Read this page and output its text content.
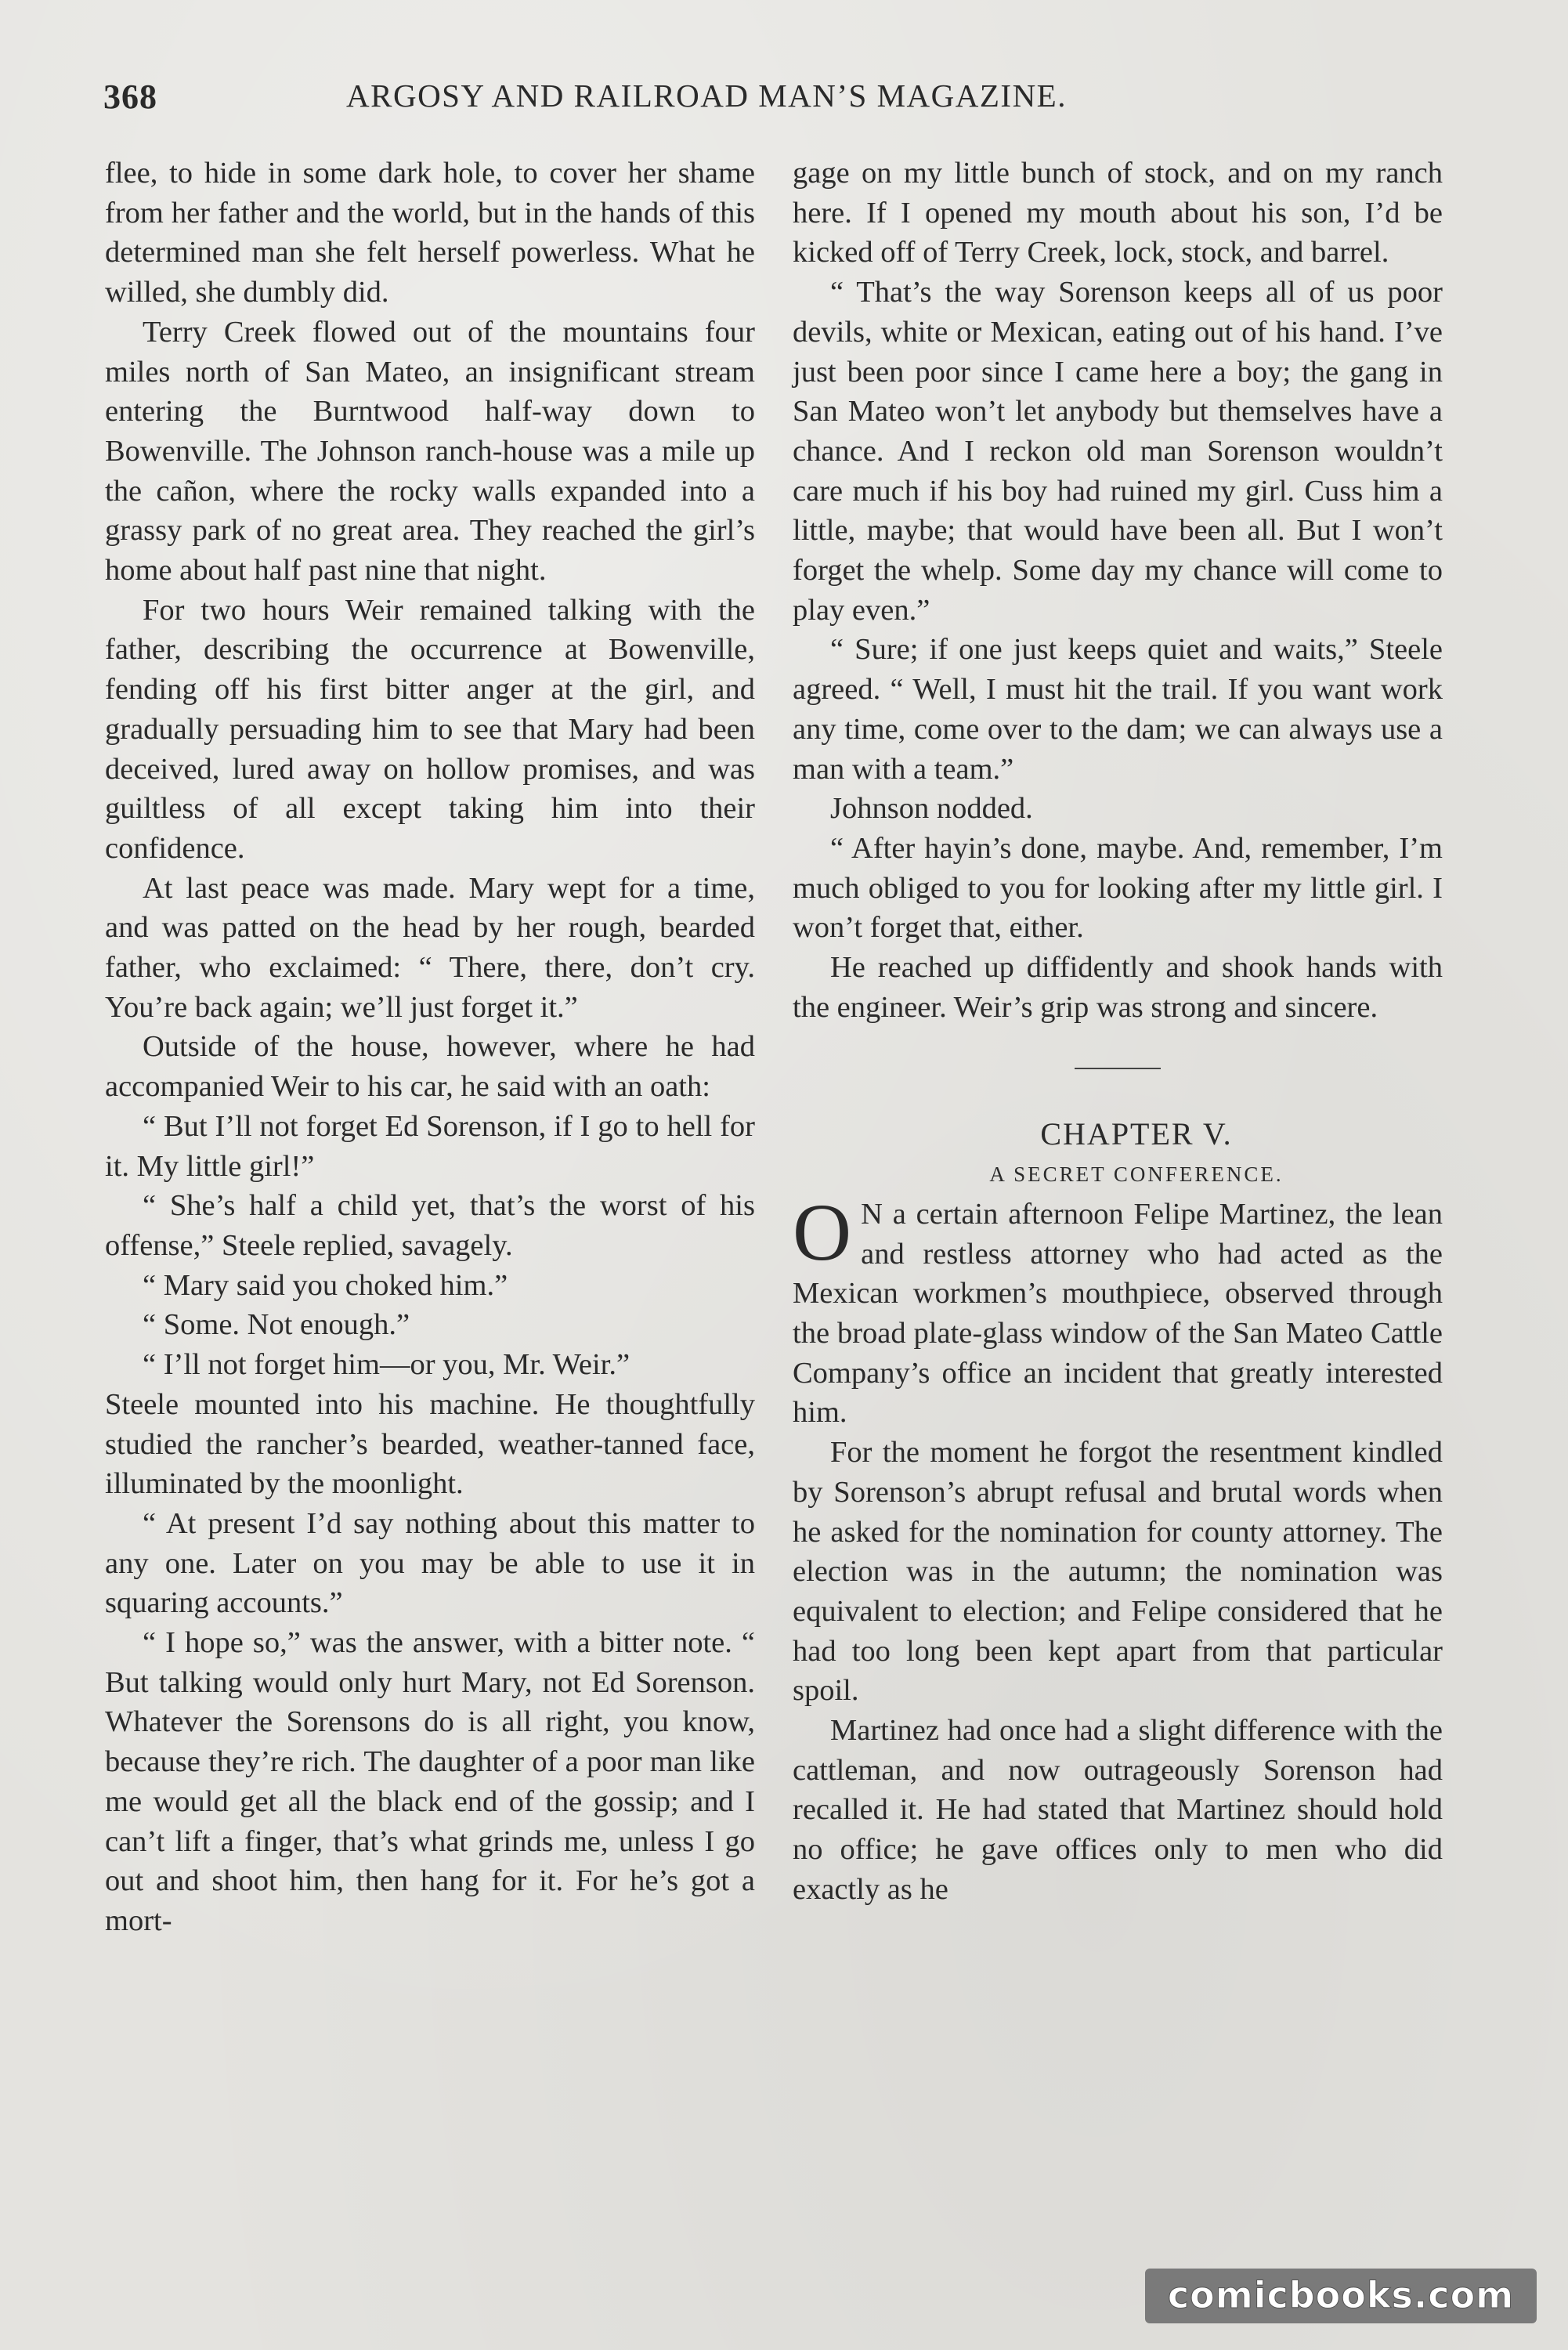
368	ARGOSY AND RAILROAD MAN’S MAGAZINE.

flee, to hide in some dark hole, to cover her shame from her father and the world, but in the hands of this determined man she felt herself powerless. What he willed, she dumbly did.

Terry Creek flowed out of the mountains four miles north of San Mateo, an insignificant stream entering the Burntwood half-way down to Bowenville. The Johnson ranch-house was a mile up the cañon, where the rocky walls expanded into a grassy park of no great area. They reached the girl’s home about half past nine that night.

For two hours Weir remained talking with the father, describing the occurrence at Bowenville, fending off his first bitter anger at the girl, and gradually persuading him to see that Mary had been deceived, lured away on hollow promises, and was guiltless of all except taking him into their confidence.

At last peace was made. Mary wept for a time, and was patted on the head by her rough, bearded father, who exclaimed: “ There, there, don’t cry. You’re back again; we’ll just forget it.”

Outside of the house, however, where he had accompanied Weir to his car, he said with an oath:

“ But I’ll not forget Ed Sorenson, if I go to hell for it. My little girl!”

“ She’s half a child yet, that’s the worst of his offense,” Steele replied, savagely.

“ Mary said you choked him.”

“ Some. Not enough.”

“ I’ll not forget him—or you, Mr. Weir.”

Steele mounted into his machine. He thoughtfully studied the rancher’s bearded, weather-tanned face, illuminated by the moonlight.

“ At present I’d say nothing about this matter to any one. Later on you may be able to use it in squaring accounts.”

“ I hope so,” was the answer, with a bitter note. “ But talking would only hurt Mary, not Ed Sorenson. Whatever the Sorensons do is all right, you know, because they’re rich. The daughter of a poor man like me would get all the black end of the gossip; and I can’t lift a finger, that’s what grinds me, unless I go out and shoot him, then hang for it. For he’s got a mort-

gage on my little bunch of stock, and on my ranch here. If I opened my mouth about his son, I’d be kicked off of Terry Creek, lock, stock, and barrel.

“ That’s the way Sorenson keeps all of us poor devils, white or Mexican, eating out of his hand. I’ve just been poor since I came here a boy; the gang in San Mateo won’t let anybody but themselves have a chance. And I reckon old man Sorenson wouldn’t care much if his boy had ruined my girl. Cuss him a little, maybe; that would have been all. But I won’t forget the whelp. Some day my chance will come to play even.”

“ Sure; if one just keeps quiet and waits,” Steele agreed. “ Well, I must hit the trail. If you want work any time, come over to the dam; we can always use a man with a team.”

Johnson nodded.

“ After hayin’s done, maybe. And, remember, I’m much obliged to you for looking after my little girl. I won’t forget that, either.

He reached up diffidently and shook hands with the engineer. Weir’s grip was strong and sincere.

CHAPTER V.

A SECRET CONFERENCE.

O N a certain afternoon Felipe Martinez, the lean and restless attorney who had acted as the Mexican workmen’s mouthpiece, observed through the broad plate-glass window of the San Mateo Cattle Company’s office an incident that greatly interested him.

For the moment he forgot the resentment kindled by Sorenson’s abrupt refusal and brutal words when he asked for the nomination for county attorney. The election was in the autumn; the nomination was equivalent to election; and Felipe considered that he had too long been kept apart from that particular spoil.

Martinez had once had a slight difference with the cattleman, and now outrageously Sorenson had recalled it. He had stated that Martinez should hold no office; he gave offices only to men who did exactly as he

comicbooks.com
